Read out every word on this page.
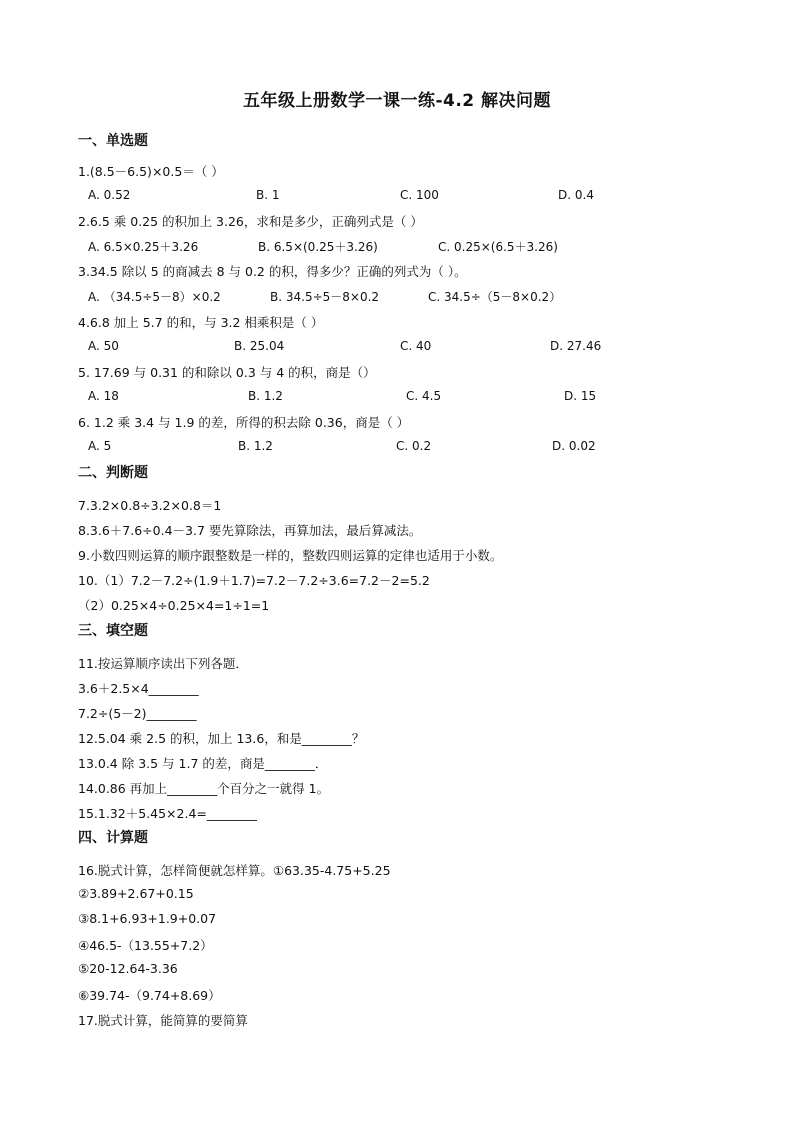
五年级上册数学一课一练-4.2 解决问题
一、单选题
1.(8.5－6.5)×0.5＝（ ）
A. 0.52	B. 1	C. 100	D. 0.4
2.6.5 乘 0.25 的积加上 3.26，求和是多少，正确列式是（ ）
A. 6.5×0.25＋3.26	B. 6.5×(0.25＋3.26)	C. 0.25×(6.5＋3.26)
3.34.5 除以 5 的商减去 8 与 0.2 的积，得多少？正确的列式为（ ）。
A. （34.5÷5－8）×0.2	B. 34.5÷5－8×0.2	C. 34.5÷（5－8×0.2）
4.6.8 加上 5.7 的和，与 3.2 相乘积是（ ）
A. 50	B. 25.04	C. 40	D. 27.46
5. 17.69 与 0.31 的和除以 0.3 与 4 的积，商是（）
A. 18	B. 1.2	C. 4.5	D. 15
6. 1.2 乘 3.4 与 1.9 的差，所得的积去除 0.36，商是（ ）
A. 5	B. 1.2	C. 0.2	D. 0.02
二、判断题
7.3.2×0.8÷3.2×0.8＝1
8.3.6＋7.6÷0.4－3.7 要先算除法，再算加法，最后算减法。
9.小数四则运算的顺序跟整数是一样的，整数四则运算的定律也适用于小数。
10.（1）7.2－7.2÷(1.9＋1.7)=7.2－7.2÷3.6=7.2－2=5.2
（2）0.25×4÷0.25×4=1÷1=1
三、填空题
11.按运算顺序读出下列各题．
3.6＋2.5×4________
7.2÷(5－2)________
12.5.04 乘 2.5 的积，加上 13.6，和是________？
13.0.4 除 3.5 与 1.7 的差，商是________．
14.0.86 再加上________个百分之一就得 1。
15.1.32＋5.45×2.4=________
四、计算题
16.脱式计算，怎样简便就怎样算。①63.35-4.75+5.25
②3.89+2.67+0.15
③8.1+6.93+1.9+0.07
④46.5-（13.55+7.2）
⑤20-12.64-3.36
⑥39.74-（9.74+8.69）
17.脱式计算，能简算的要简算
